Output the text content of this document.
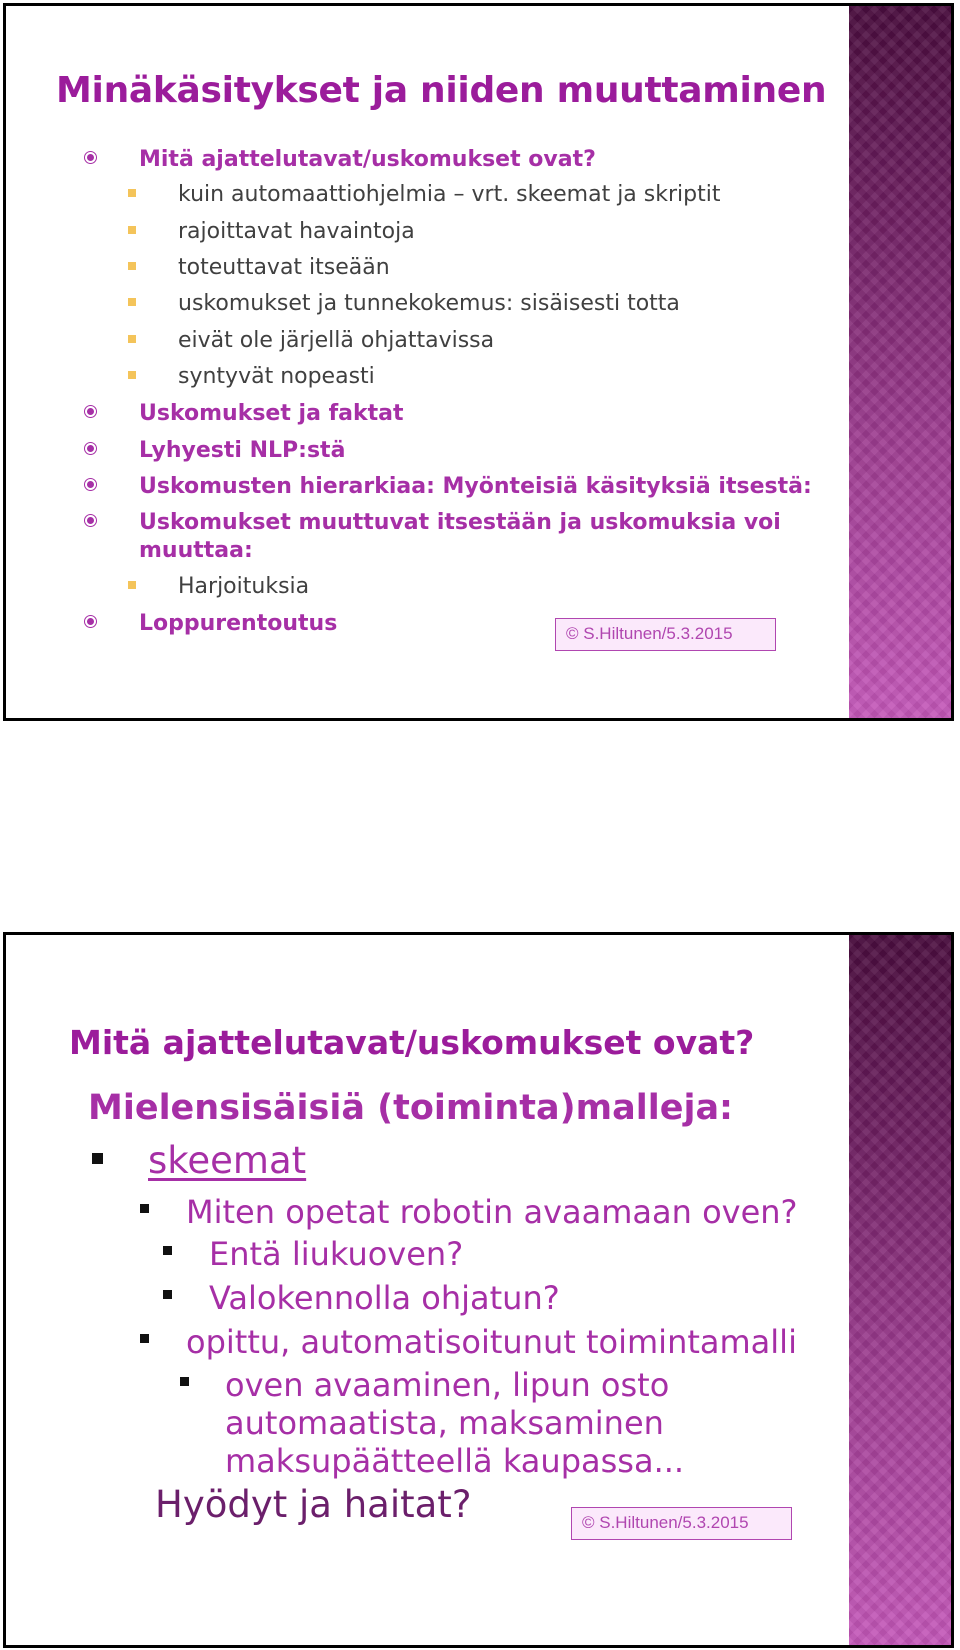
Minäkäsitykset ja niiden muuttaminen
Mitä ajattelutavat/uskomukset ovat?
kuin automaattiohjelmia – vrt. skeemat ja skriptit
rajoittavat havaintoja
toteuttavat itseään
uskomukset ja tunnekokemus: sisäisesti totta
eivät ole järjellä ohjattavissa
syntyvät nopeasti
Uskomukset ja faktat
Lyhyesti NLP:stä
Uskomusten hierarkiaa: Myönteisiä käsityksiä itsestä:
Uskomukset muuttuvat itsestään ja uskomuksia voi
muuttaa:
Harjoituksia
Loppurentoutus	© S.Hiltunen/5.3.2015
Mitä ajattelutavat/uskomukset ovat?
Mielensisäisiä (toiminta)malleja:
skeemat
Miten opetat robotin avaamaan oven?
Entä liukuoven?
Valokennolla ohjatun?
opittu, automatisoitunut toimintamalli
oven avaaminen, lipun osto
automaatista, maksaminen
maksupäätteellä kaupassa...
Hyödyt ja haitat?	© S.Hiltunen/5.3.2015
